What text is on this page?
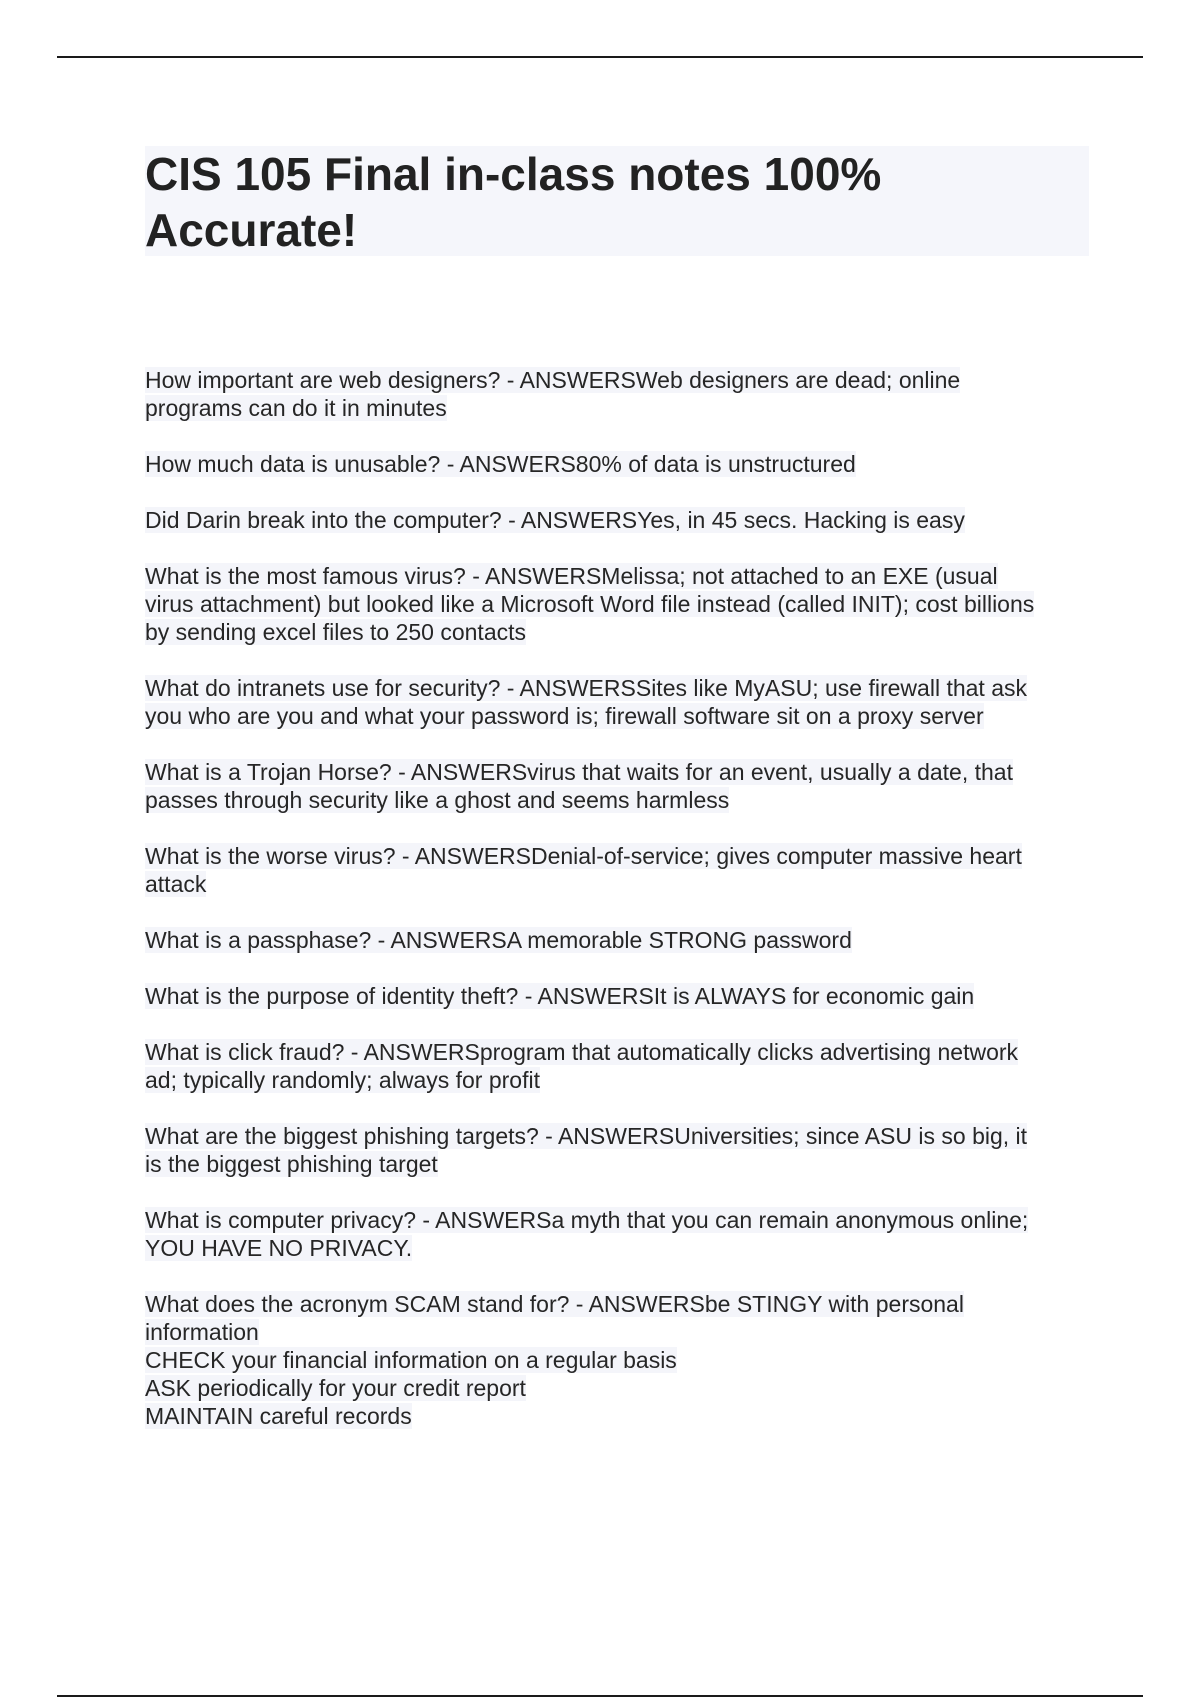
CIS 105 Final in-class notes 100%
Accurate!

How important are web designers? - ANSWERSWeb designers are dead; online
programs can do it in minutes

How much data is unusable? - ANSWERS80% of data is unstructured

Did Darin break into the computer? - ANSWERSYes, in 45 secs. Hacking is easy

What is the most famous virus? - ANSWERSMelissa; not attached to an EXE (usual
virus attachment) but looked like a Microsoft Word file instead (called INIT); cost billions
by sending excel files to 250 contacts

What do intranets use for security? - ANSWERSSites like MyASU; use firewall that ask
you who are you and what your password is; firewall software sit on a proxy server

What is a Trojan Horse? - ANSWERSvirus that waits for an event, usually a date, that
passes through security like a ghost and seems harmless

What is the worse virus? - ANSWERSDenial-of-service; gives computer massive heart
attack

What is a passphase? - ANSWERSA memorable STRONG password

What is the purpose of identity theft? - ANSWERSIt is ALWAYS for economic gain

What is click fraud? - ANSWERSprogram that automatically clicks advertising network
ad; typically randomly; always for profit

What are the biggest phishing targets? - ANSWERSUniversities; since ASU is so big, it
is the biggest phishing target

What is computer privacy? - ANSWERSa myth that you can remain anonymous online;
YOU HAVE NO PRIVACY.

What does the acronym SCAM stand for? - ANSWERSbe STINGY with personal
information
CHECK your financial information on a regular basis
ASK periodically for your credit report
MAINTAIN careful records
